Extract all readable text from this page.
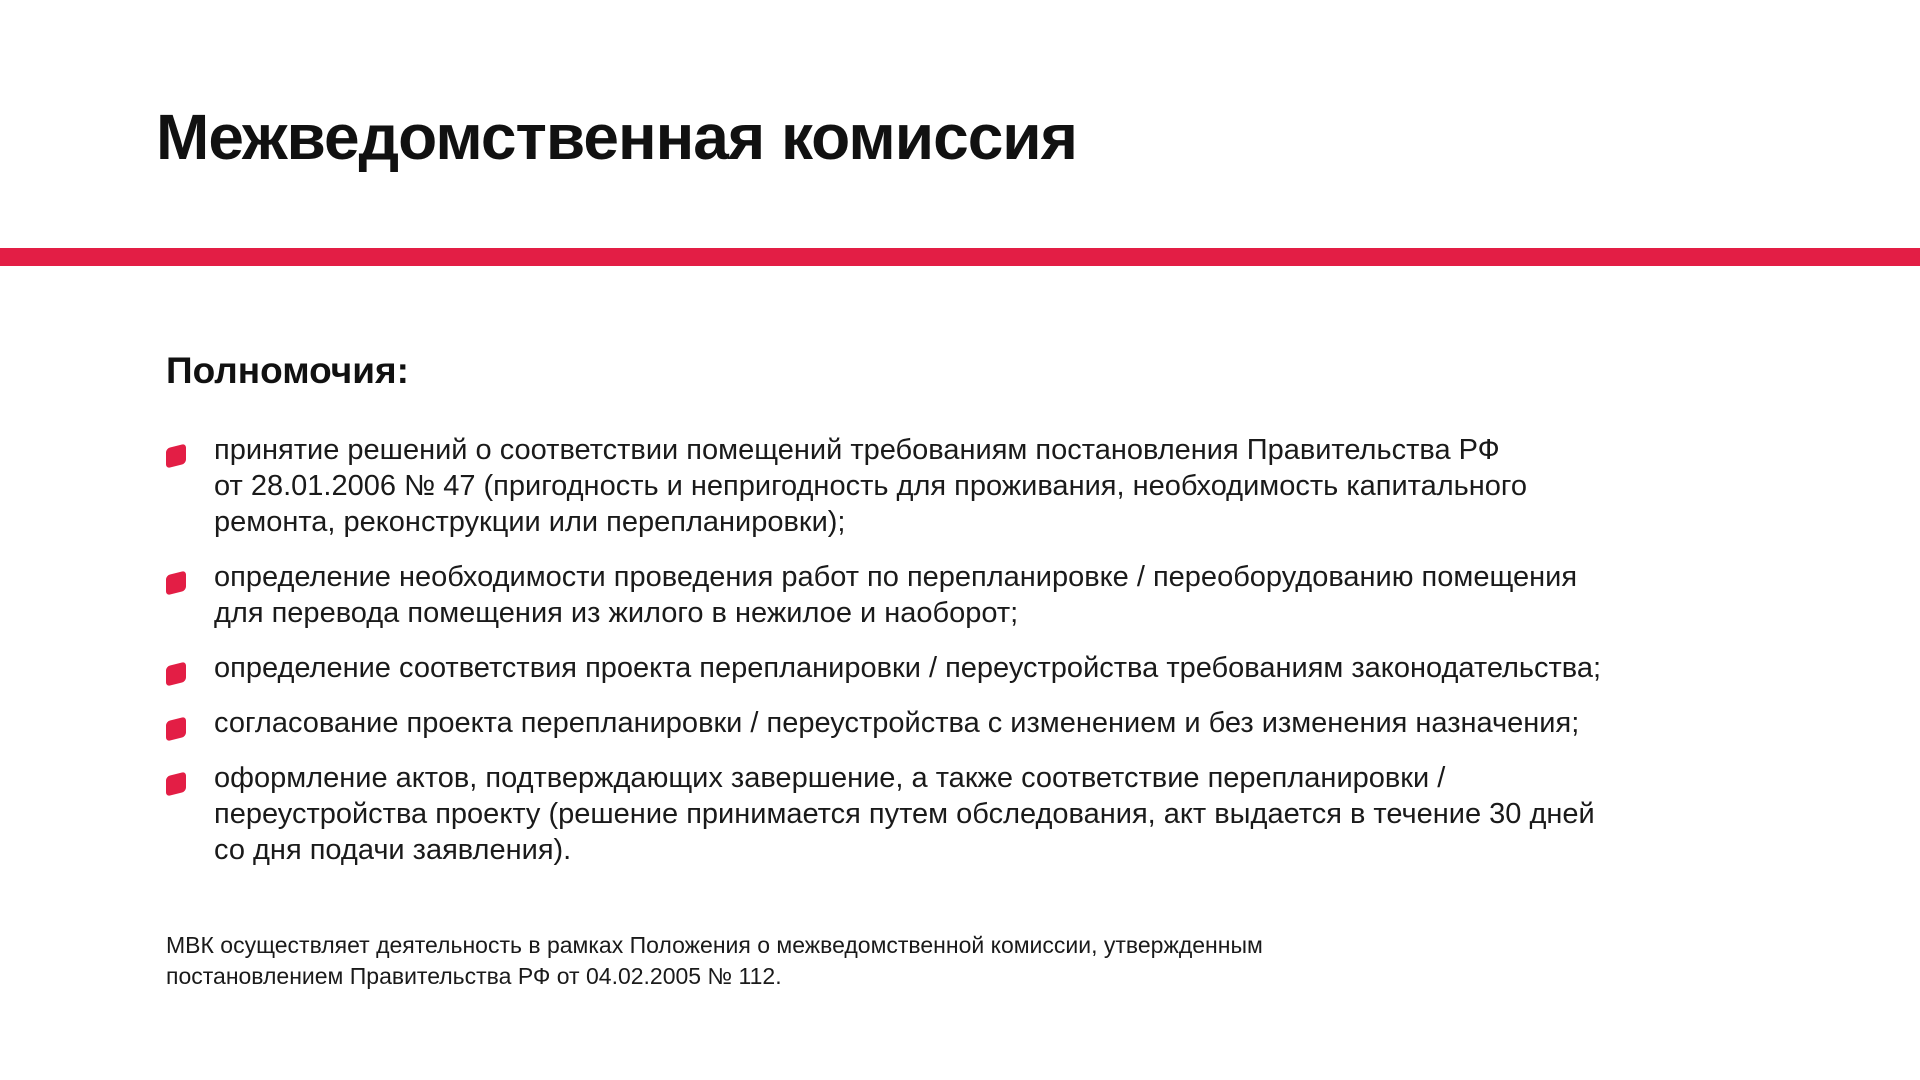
Межведомственная комиссия
Полномочия:
принятие решений о соответствии помещений требованиям постановления Правительства РФ
от 28.01.2006 № 47 (пригодность и непригодность для проживания, необходимость капитального
ремонта, реконструкции или перепланировки);
определение необходимости проведения работ по перепланировке / переоборудованию помещения
для перевода помещения из жилого в нежилое и наоборот;
определение соответствия проекта перепланировки / переустройства требованиям законодательства;
согласование проекта перепланировки / переустройства с изменением и без изменения назначения;
оформление актов, подтверждающих завершение, а также соответствие перепланировки /
переустройства проекту (решение принимается путем обследования, акт выдается в течение 30 дней
со дня подачи заявления).

МВК осуществляет деятельность в рамках Положения о межведомственной комиссии, утвержденным
постановлением Правительства РФ от 04.02.2005 № 112.
